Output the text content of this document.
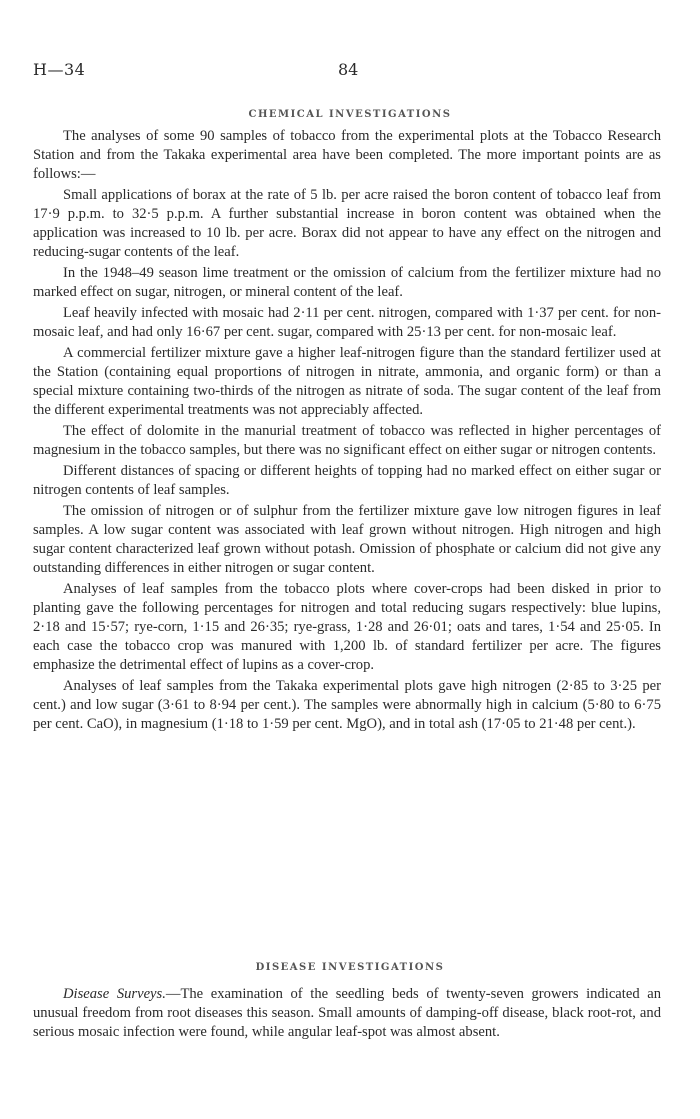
H—34	84
CHEMICAL INVESTIGATIONS

The analyses of some 90 samples of tobacco from the experimental plots at the Tobacco Research Station and from the Takaka experimental area have been completed. The more important points are as follows:—

Small applications of borax at the rate of 5 lb. per acre raised the boron content of tobacco leaf from 17·9 p.p.m. to 32·5 p.p.m. A further substantial increase in boron content was obtained when the application was increased to 10 lb. per acre. Borax did not appear to have any effect on the nitrogen and reducing-sugar contents of the leaf.

In the 1948–49 season lime treatment or the omission of calcium from the fertilizer mixture had no marked effect on sugar, nitrogen, or mineral content of the leaf.

Leaf heavily infected with mosaic had 2·11 per cent. nitrogen, compared with 1·37 per cent. for non-mosaic leaf, and had only 16·67 per cent. sugar, compared with 25·13 per cent. for non-mosaic leaf.

A commercial fertilizer mixture gave a higher leaf-nitrogen figure than the standard fertilizer used at the Station (containing equal proportions of nitrogen in nitrate, ammonia, and organic form) or than a special mixture containing two-thirds of the nitrogen as nitrate of soda. The sugar content of the leaf from the different experimental treatments was not appreciably affected.

The effect of dolomite in the manurial treatment of tobacco was reflected in higher percentages of magnesium in the tobacco samples, but there was no significant effect on either sugar or nitrogen contents.

Different distances of spacing or different heights of topping had no marked effect on either sugar or nitrogen contents of leaf samples.

The omission of nitrogen or of sulphur from the fertilizer mixture gave low nitrogen figures in leaf samples. A low sugar content was associated with leaf grown without nitrogen. High nitrogen and high sugar content characterized leaf grown without potash. Omission of phosphate or calcium did not give any outstanding differences in either nitrogen or sugar content.

Analyses of leaf samples from the tobacco plots where cover-crops had been disked in prior to planting gave the following percentages for nitrogen and total reducing sugars respectively: blue lupins, 2·18 and 15·57; rye-corn, 1·15 and 26·35; rye-grass, 1·28 and 26·01; oats and tares, 1·54 and 25·05. In each case the tobacco crop was manured with 1,200 lb. of standard fertilizer per acre. The figures emphasize the detrimental effect of lupins as a cover-crop.

Analyses of leaf samples from the Takaka experimental plots gave high nitrogen (2·85 to 3·25 per cent.) and low sugar (3·61 to 8·94 per cent.). The samples were abnormally high in calcium (5·80 to 6·75 per cent. CaO), in magnesium (1·18 to 1·59 per cent. MgO), and in total ash (17·05 to 21·48 per cent.).

DISEASE INVESTIGATIONS

Disease Surveys.—The examination of the seedling beds of twenty-seven growers indicated an unusual freedom from root diseases this season. Small amounts of damping-off disease, black root-rot, and serious mosaic infection were found, while angular leaf-spot was almost absent.
